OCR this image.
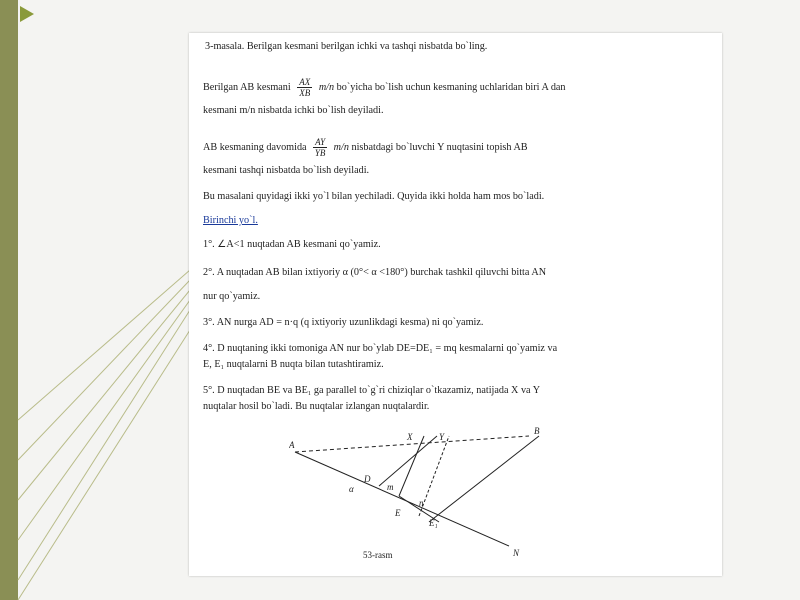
3-masala. Berilgan kesmani berilgan ichki va tashqi nisbatda bo`ling.
Berilgan AB kesmani $\frac{AX}{XB} m/n$ bo`yicha bo`lish uchun kesmaning uchlaridan biri A dan
kesmani m/n nisbatda ichki bo`lish deyiladi.
AB kesmaning davomida $\frac{AY}{YB} m/n$ nisbatdagi bo`luvchi Y nuqtasini topish AB
kesmani tashqi nisbatda bo`lish deyiladi.
Bu masalani quyidagi ikki yo`l bilan yechiladi. Quyida ikki holda ham mos bo`ladi.
Birinchi yo`l.
1°. ∠A<1 nuqtadan AB kesmani qo`yamiz.
2°. A nuqtadan AB bilan ixtiyoriy α (0°< α <180°) burchak tashkil qiluvchi bitta AN
nur qo`yamiz.
3°. AN nurga AD = n·q (q ixtiyoriy uzunlikdagi kesma) ni qo`yamiz.
4°. D nuqtaning ikki tomoniga AN nur bo`ylab DE=DE₁ = mq kesmalarni qo`yamiz va
E, E₁ nuqtalarni B nuqta bilan tutashtiramiz.
5°. D nuqtadan BE va BE₁ ga parallel to`g`ri chiziqlar o`tkazamiz, natijada X va Y
nuqtalar hosil bo`ladi. Bu nuqtalar izlangan nuqtalardir.
A
X	Y
D
E
E₁
B
N
α	m
n
53-rasm
